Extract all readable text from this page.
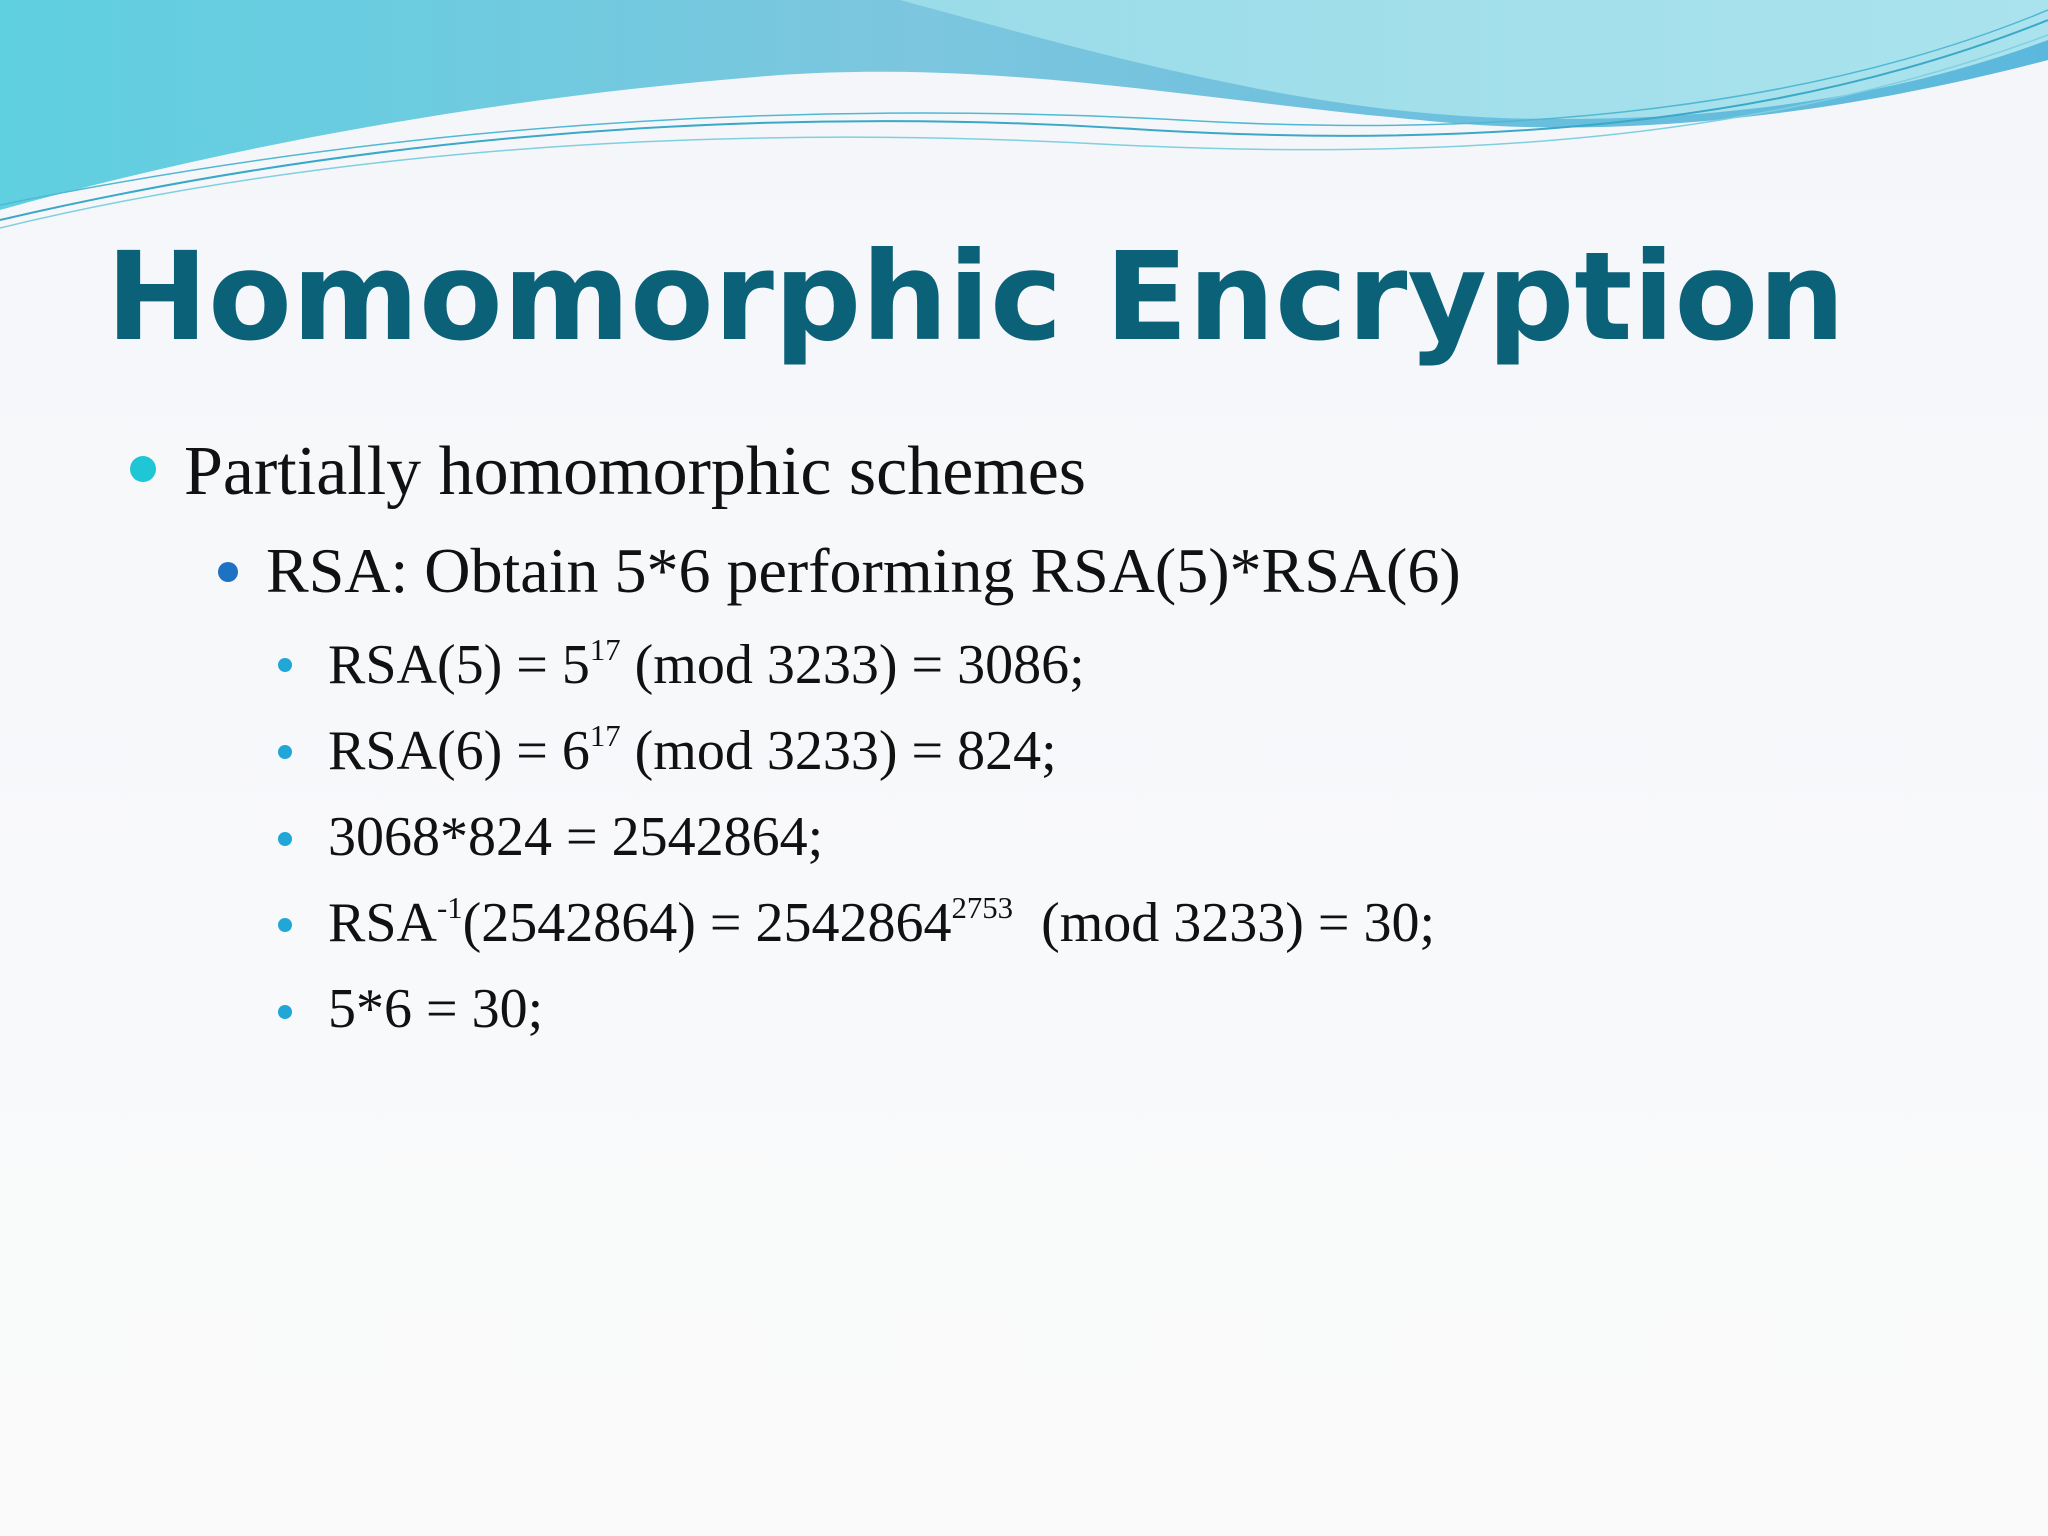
Homomorphic Encryption
Partially homomorphic schemes
RSA: Obtain 5*6 performing RSA(5)*RSA(6)
$RSA(5) = 5^{17}$ (mod 3233) = 3086;
$RSA(6) = 6^{17}$ (mod 3233) = 824;
3068*824 = 2542864;
$RSA^{-1}(2542864) = 2542864^{2753}$  (mod 3233) = 30;
5*6 = 30;
